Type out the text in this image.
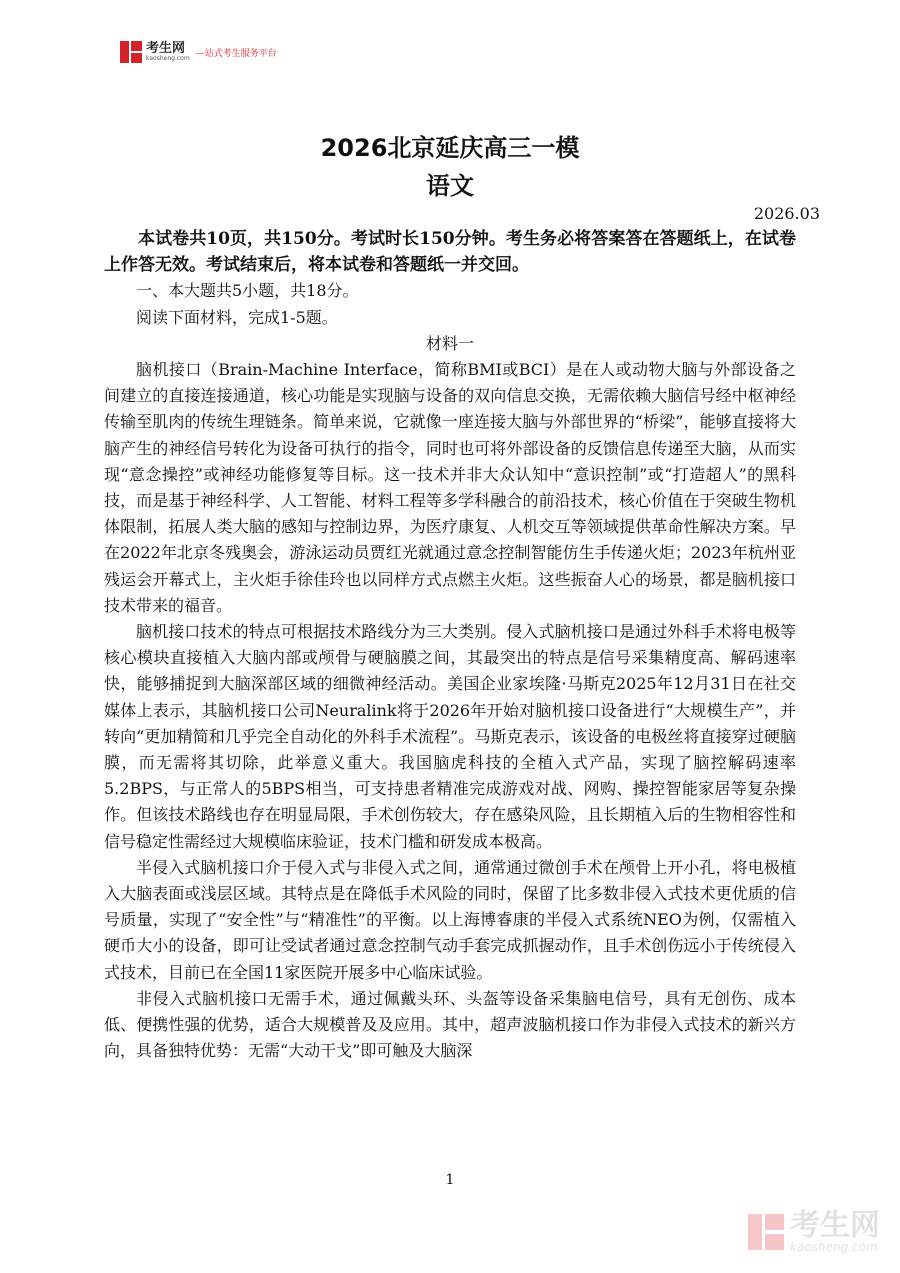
考生网
kaosheng.com —站式考生服务平台
2026北京延庆高三一模
语文
2026.03

本试卷共10页，共150分。考试时长150分钟。考生务必将答案答在答题纸上，在试卷上作答无效。考试结束后，将本试卷和答题纸一并交回。

一、本大题共5小题，共18分。

阅读下面材料，完成1-5题。

材料一

脑机接口（Brain-Machine Interface，简称BMI或BCI）是在人或动物大脑与外部设备之间建立的直接连接通道，核心功能是实现脑与设备的双向信息交换，无需依赖大脑信号经中枢神经传输至肌肉的传统生理链条。简单来说，它就像一座连接大脑与外部世界的“桥梁”，能够直接将大脑产生的神经信号转化为设备可执行的指令，同时也可将外部设备的反馈信息传递至大脑，从而实现“意念操控”或神经功能修复等目标。这一技术并非大众认知中“意识控制”或“打造超人”的黑科技，而是基于神经科学、人工智能、材料工程等多学科融合的前沿技术，核心价值在于突破生物机体限制，拓展人类大脑的感知与控制边界，为医疗康复、人机交互等领域提供革命性解决方案。早在2022年北京冬残奥会，游泳运动员贾红光就通过意念控制智能仿生手传递火炬；2023年杭州亚残运会开幕式上，主火炬手徐佳玲也以同样方式点燃主火炬。这些振奋人心的场景，都是脑机接口技术带来的福音。

脑机接口技术的特点可根据技术路线分为三大类别。侵入式脑机接口是通过外科手术将电极等核心模块直接植入大脑内部或颅骨与硬脑膜之间，其最突出的特点是信号采集精度高、解码速率快，能够捕捉到大脑深部区域的细微神经活动。美国企业家埃隆·马斯克2025年12月31日在社交媒体上表示，其脑机接口公司Neuralink将于2026年开始对脑机接口设备进行“大规模生产”，并转向“更加精简和几乎完全自动化的外科手术流程”。马斯克表示，该设备的电极丝将直接穿过硬脑膜，而无需将其切除，此举意义重大。我国脑虎科技的全植入式产品，实现了脑控解码速率5.2BPS，与正常人的5BPS相当，可支持患者精准完成游戏对战、网购、操控智能家居等复杂操作。但该技术路线也存在明显局限，手术创伤较大，存在感染风险，且长期植入后的生物相容性和信号稳定性需经过大规模临床验证，技术门槛和研发成本极高。

半侵入式脑机接口介于侵入式与非侵入式之间，通常通过微创手术在颅骨上开小孔，将电极植入大脑表面或浅层区域。其特点是在降低手术风险的同时，保留了比多数非侵入式技术更优质的信号质量，实现了“安全性”与“精准性”的平衡。以上海博睿康的半侵入式系统NEO为例，仅需植入硬币大小的设备，即可让受试者通过意念控制气动手套完成抓握动作，且手术创伤远小于传统侵入式技术，目前已在全国11家医院开展多中心临床试验。

非侵入式脑机接口无需手术，通过佩戴头环、头盔等设备采集脑电信号，具有无创伤、成本低、便携性强的优势，适合大规模普及及应用。其中，超声波脑机接口作为非侵入式技术的新兴方向，具备独特优势：无需“大动干戈”即可触及大脑深

1
考生网
kaosheng.com
